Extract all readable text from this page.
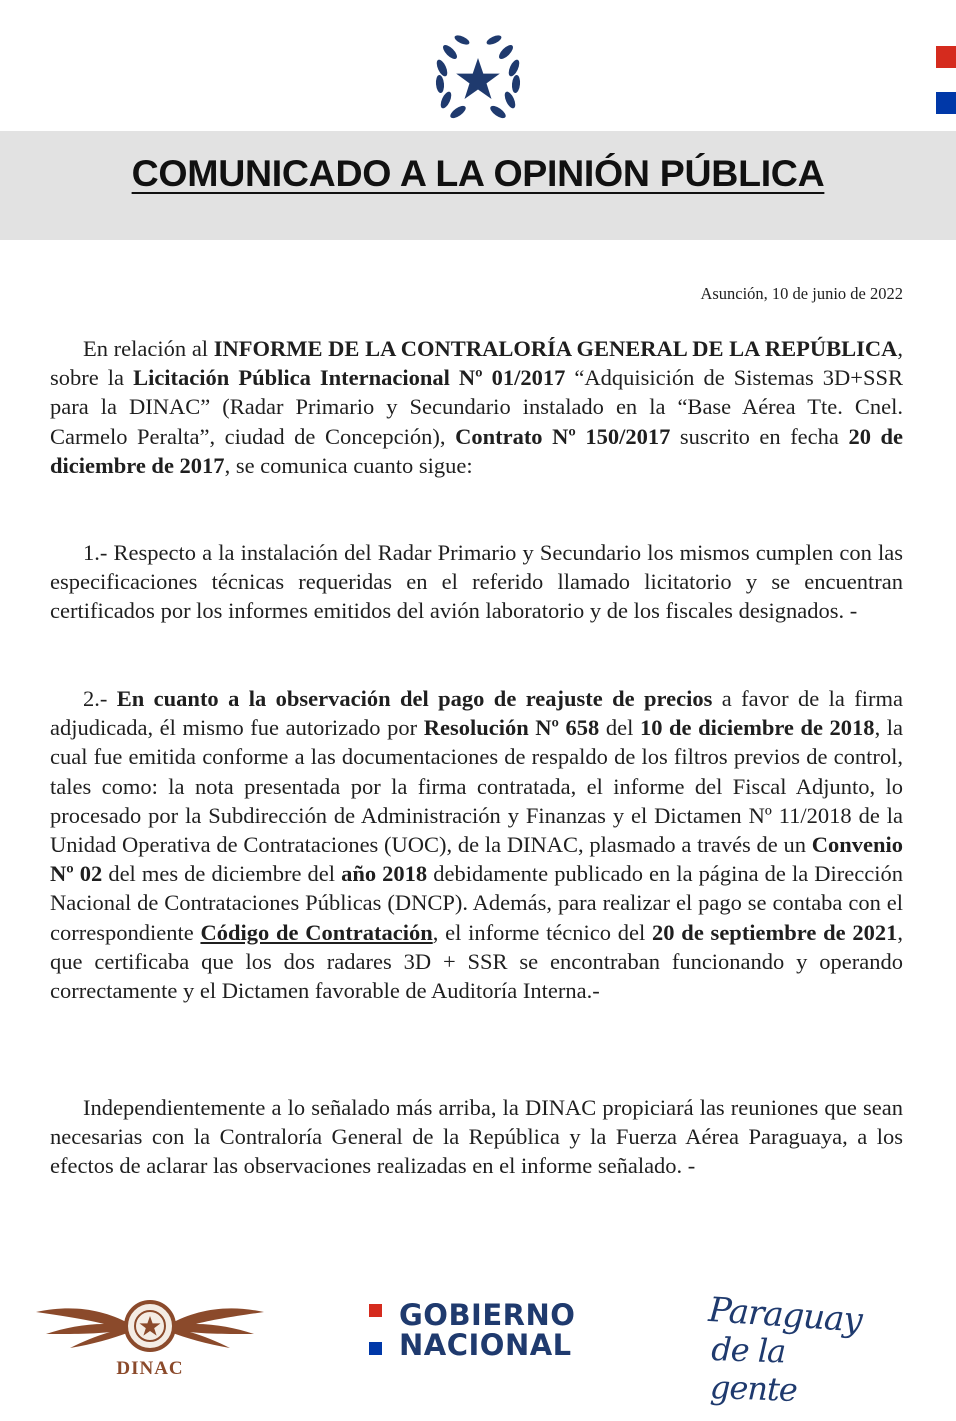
COMUNICADO A LA OPINIÓN PÚBLICA
Asunción, 10 de junio de 2022

En relación al INFORME DE LA CONTRALORÍA GENERAL DE LA REPÚBLICA, sobre la Licitación Pública Internacional Nº 01/2017 “Adquisición de Sistemas 3D+SSR para la DINAC” (Radar Primario y Secundario instalado en la “Base Aérea Tte. Cnel. Carmelo Peralta”, ciudad de Concepción), Contrato Nº 150/2017 suscrito en fecha 20 de diciembre de 2017, se comunica cuanto sigue:

1.- Respecto a la instalación del Radar Primario y Secundario los mismos cumplen con las especificaciones técnicas requeridas en el referido llamado licitatorio y se encuentran certificados por los informes emitidos del avión laboratorio y de los fiscales designados. -

2.- En cuanto a la observación del pago de reajuste de precios a favor de la firma adjudicada, él mismo fue autorizado por Resolución Nº 658 del 10 de diciembre de 2018, la cual fue emitida conforme a las documentaciones de respaldo de los filtros previos de control, tales como: la nota presentada por la firma contratada, el informe del Fiscal Adjunto, lo procesado por la Subdirección de Administración y Finanzas y el Dictamen Nº 11/2018 de la Unidad Operativa de Contrataciones (UOC), de la DINAC, plasmado a través de un Convenio Nº 02 del mes de diciembre del año 2018 debidamente publicado en la página de la Dirección Nacional de Contrataciones Públicas (DNCP). Además, para realizar el pago se contaba con el correspondiente Código de Contratación, el informe técnico del 20 de septiembre de 2021, que certificaba que los dos radares 3D + SSR se encontraban funcionando y operando correctamente y el Dictamen favorable de Auditoría Interna.-

Independientemente a lo señalado más arriba, la DINAC propiciará las reuniones que sean necesarias con la Contraloría General de la República y la Fuerza Aérea Paraguaya, a los efectos de aclarar las observaciones realizadas en el informe señalado. -

DINAC
GOBIERNO
NACIONAL
Paraguay
de la gente
